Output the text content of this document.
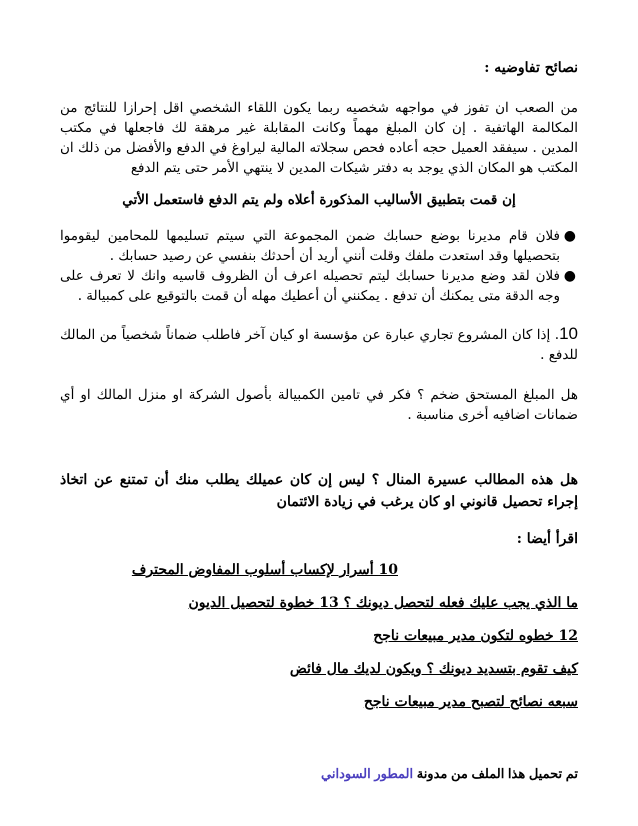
نصائح تفاوضيه :

من الصعب ان تفوز في مواجهه شخصيه ربما يكون اللقاء الشخصي اقل إحرازا للنتائج من المكالمة الهاتفية . إن كان المبلغ مهماً وكانت المقابلة غير مرهقة لك فاجعلها في مكتب المدين . سيفقد العميل حجه أعاده فحص سجلاته المالية ليراوغ في الدفع والأفضل من ذلك ان المكتب هو المكان الذي يوجد به دفتر شيكات المدين لا ينتهي الأمر حتى يتم الدفع

إن قمت بتطبيق الأساليب المذكورة أعلاه ولم يتم الدفع فاستعمل الأتي

●
فلان قام مديرنا بوضع حسابك ضمن المجموعة التي سيتم تسليمها للمحامين ليقوموا بتحصيلها وقد استعدت ملفك وقلت أنني أريد أن أحدثك بنفسي عن رصيد حسابك .
●
فلان لقد وضع مديرنا حسابك ليتم تحصيله اعرف أن الظروف قاسيه وانك لا تعرف على وجه الدقة متى يمكنك أن تدفع . يمكنني أن أعطيك مهله أن قمت بالتوقيع على كمبيالة .

10. إذا كان المشروع تجاري عبارة عن مؤسسة او كيان آخر فاطلب ضماناً شخصياً من المالك للدفع .

هل المبلغ المستحق ضخم ؟ فكر في تامين الكمبيالة بأصول الشركة او منزل المالك او أي ضمانات اضافيه أخرى مناسبة .

هل هذه المطالب عسيرة المنال ؟ ليس إن كان عميلك يطلب منك أن تمتنع عن اتخاذ إجراء تحصيل قانوني او كان يرغب في زيادة الائتمان

اقرأ أيضا :

10 أسرار لإكساب أسلوب المفاوض المحترف
ما الذي يجب عليك فعله لتحصل ديونك ؟ 13 خطوة لتحصيل الديون
12 خطوه لتكون مدير مبيعات ناجح
كيف تقوم بتسديد ديونك ؟ ويكون لديك مال فائض
سبعه نصائح لتصبح مدير مبيعات ناجح
تم تحميل هذا الملف من مدونة المطور السوداني
